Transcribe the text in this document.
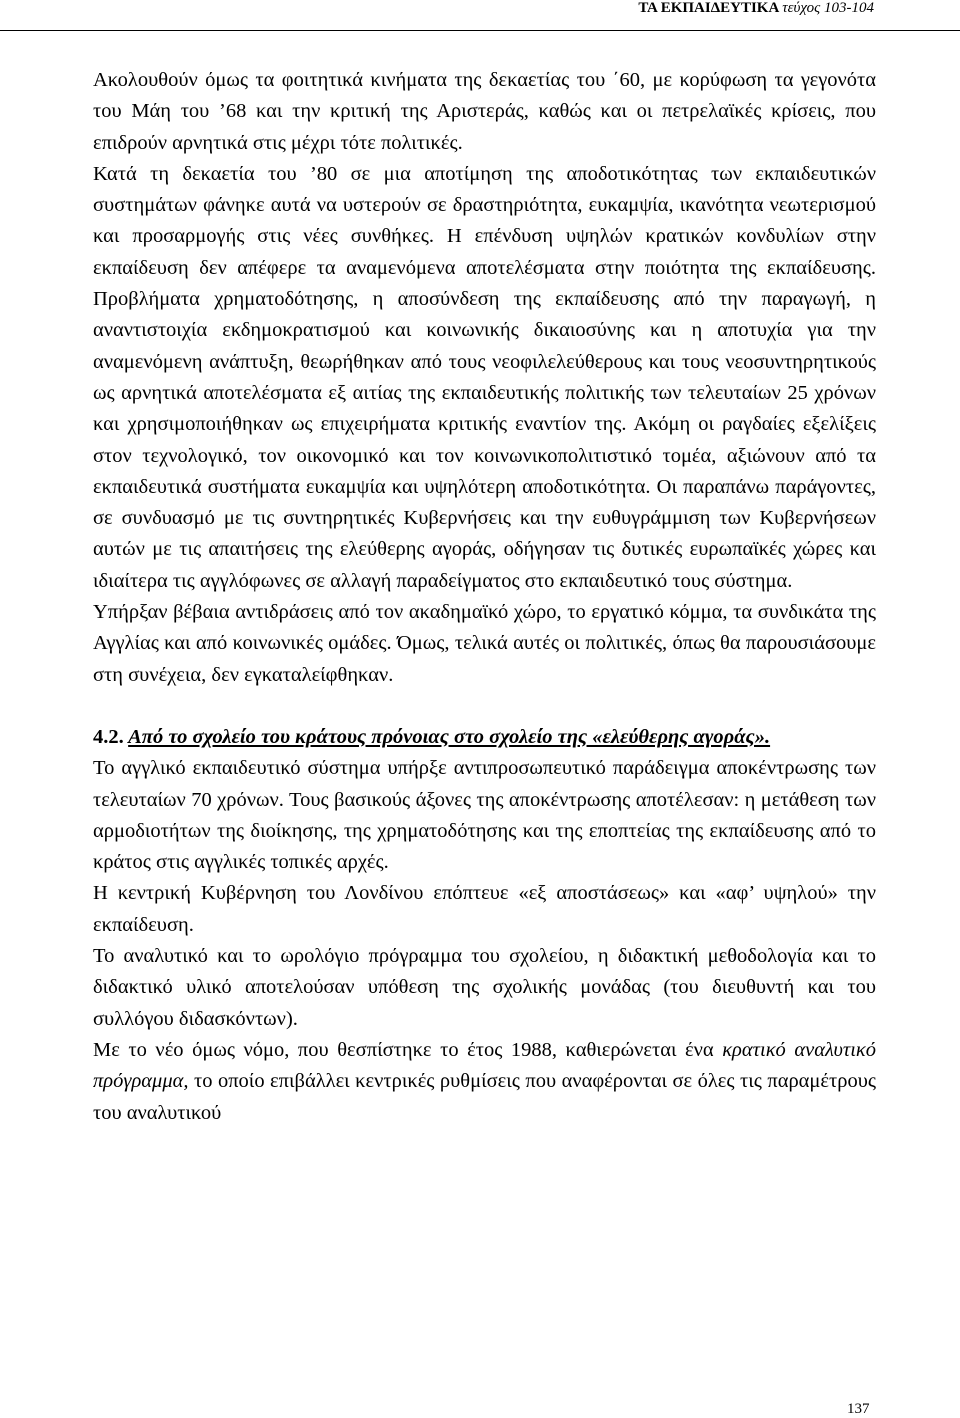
ΤΑ ΕΚΠΑΙΔΕΥΤΙΚΑ τεύχος 103-104

Ακολουθούν όμως τα φοιτητικά κινήματα της δεκαετίας του ΄60, με κορύφωση τα γεγονότα του Μάη του ’68 και την κριτική της Αριστεράς, καθώς και οι πετρελαϊκές κρίσεις, που επιδρούν αρνητικά στις μέχρι τότε πολιτικές.
Κατά τη δεκαετία του ’80 σε μια αποτίμηση της αποδοτικότητας των εκπαιδευτικών συστημάτων φάνηκε αυτά να υστερούν σε δραστηριότητα, ευκαμψία, ικανότητα νεωτερισμού και προσαρμογής στις νέες συνθήκες. Η επένδυση υψηλών κρατικών κονδυλίων στην εκπαίδευση δεν απέφερε τα αναμενόμενα αποτελέσματα στην ποιότητα της εκπαίδευσης. Προβλήματα χρηματοδότησης, η αποσύνδεση της εκπαίδευσης από την παραγωγή, η αναντιστοιχία εκδημοκρατισμού και κοινωνικής δικαιοσύνης και η αποτυχία για την αναμενόμενη ανάπτυξη, θεωρήθηκαν από τους νεοφιλελεύθερους και τους νεοσυντηρητικούς ως αρνητικά αποτελέσματα εξ αιτίας της εκπαιδευτικής πολιτικής των τελευταίων 25 χρόνων και χρησιμοποιήθηκαν ως επιχειρήματα κριτικής εναντίον της. Ακόμη οι ραγδαίες εξελίξεις στον τεχνολογικό, τον οικονομικό και τον κοινωνικοπολιτιστικό τομέα, αξιώνουν από τα εκπαιδευτικά συστήματα ευκαμψία και υψηλότερη αποδοτικότητα. Οι παραπάνω παράγοντες, σε συνδυασμό με τις συντηρητικές Κυβερνήσεις και την ευθυγράμμιση των Κυβερνήσεων αυτών με τις απαιτήσεις της ελεύθερης αγοράς, οδήγησαν τις δυτικές ευρωπαϊκές χώρες και ιδιαίτερα τις αγγλόφωνες σε αλλαγή παραδείγματος στο εκπαιδευτικό τους σύστημα.

Υπήρξαν βέβαια αντιδράσεις από τον ακαδημαϊκό χώρο, το εργατικό κόμμα, τα συνδικάτα της Αγγλίας και από κοινωνικές ομάδες. Όμως, τελικά αυτές οι πολιτικές, όπως θα παρουσιάσουμε στη συνέχεια, δεν εγκαταλείφθηκαν.

4.2. Από το σχολείο του κράτους πρόνοιας στο σχολείο της «ελεύθερης αγοράς».

Το αγγλικό εκπαιδευτικό σύστημα υπήρξε αντιπροσωπευτικό παράδειγμα αποκέντρωσης των τελευταίων 70 χρόνων. Τους βασικούς άξονες της αποκέντρωσης αποτέλεσαν: η μετάθεση των αρμοδιοτήτων της διοίκησης, της χρηματοδότησης και της εποπτείας της εκπαίδευσης από το κράτος στις αγγλικές τοπικές αρχές.

Η κεντρική Κυβέρνηση του Λονδίνου επόπτευε «εξ αποστάσεως» και «αφ’ υψηλού» την εκπαίδευση.

Το αναλυτικό και το ωρολόγιο πρόγραμμα του σχολείου, η διδακτική μεθοδολογία και το διδακτικό υλικό αποτελούσαν υπόθεση της σχολικής μονάδας (του διευθυντή και του συλλόγου διδασκόντων).

Με το νέο όμως νόμο, που θεσπίστηκε το έτος 1988, καθιερώνεται ένα κρατικό αναλυτικό πρόγραμμα, το οποίο επιβάλλει κεντρικές ρυθμίσεις που αναφέρονται σε όλες τις παραμέτρους του αναλυτικού

137
